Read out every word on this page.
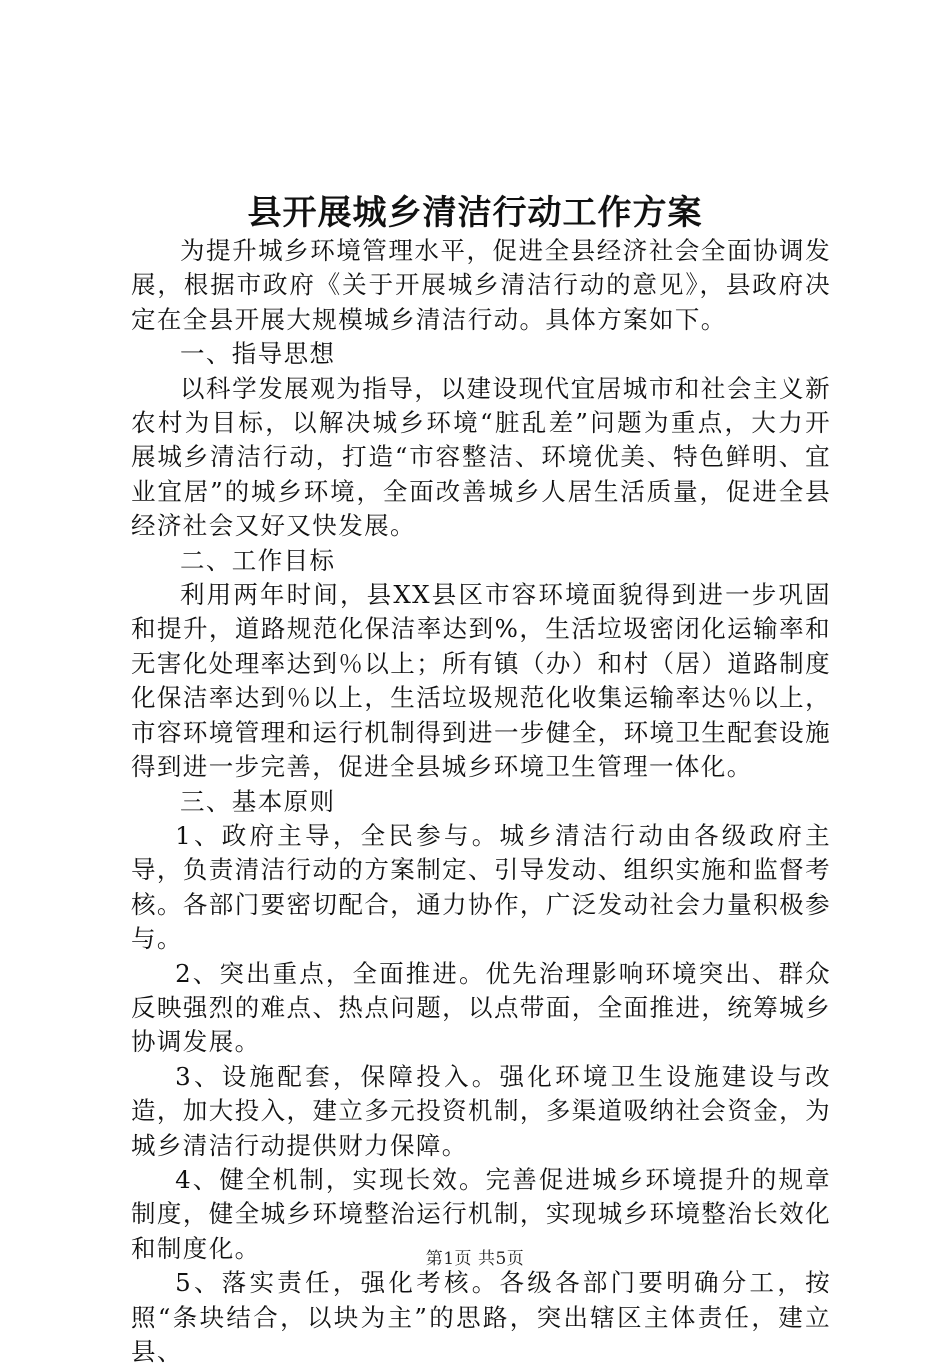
县开展城乡清洁行动工作方案

为提升城乡环境管理水平，促进全县经济社会全面协调发展，根据市政府《关于开展城乡清洁行动的意见》，县政府决定在全县开展大规模城乡清洁行动。具体方案如下。

一、指导思想

以科学发展观为指导，以建设现代宜居城市和社会主义新农村为目标，以解决城乡环境“脏乱差”问题为重点，大力开展城乡清洁行动，打造“市容整洁、环境优美、特色鲜明、宜业宜居”的城乡环境，全面改善城乡人居生活质量，促进全县经济社会又好又快发展。

二、工作目标

利用两年时间，县XX县区市容环境面貌得到进一步巩固和提升，道路规范化保洁率达到%，生活垃圾密闭化运输率和无害化处理率达到％以上；所有镇（办）和村（居）道路制度化保洁率达到％以上，生活垃圾规范化收集运输率达％以上，市容环境管理和运行机制得到进一步健全，环境卫生配套设施得到进一步完善，促进全县城乡环境卫生管理一体化。

三、基本原则

1、政府主导，全民参与。城乡清洁行动由各级政府主导，负责清洁行动的方案制定、引导发动、组织实施和监督考核。各部门要密切配合，通力协作，广泛发动社会力量积极参与。

2、突出重点，全面推进。优先治理影响环境突出、群众反映强烈的难点、热点问题，以点带面，全面推进，统筹城乡协调发展。

3、设施配套，保障投入。强化环境卫生设施建设与改造，加大投入，建立多元投资机制，多渠道吸纳社会资金，为城乡清洁行动提供财力保障。

4、健全机制，实现长效。完善促进城乡环境提升的规章制度，健全城乡环境整治运行机制，实现城乡环境整治长效化和制度化。

5、落实责任，强化考核。各级各部门要明确分工，按照“条块结合，以块为主”的思路，突出辖区主体责任，建立县、

第1页 共5页
